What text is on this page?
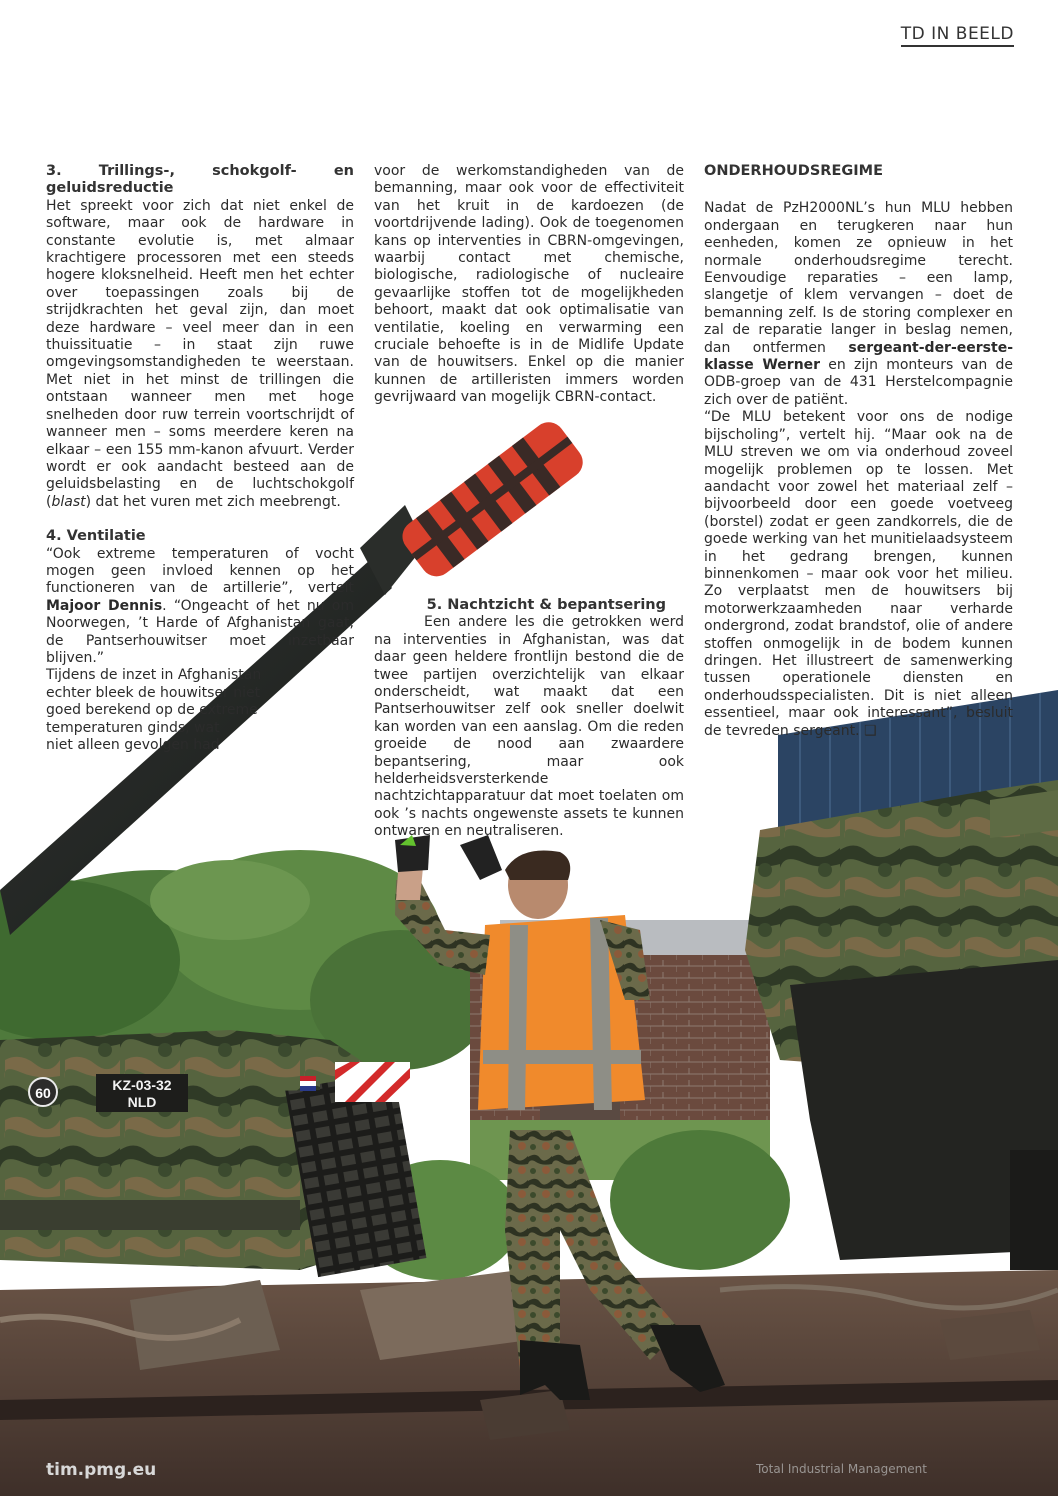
60	KZ-03-32
NLD
TD IN BEELD

3. Trillings-, schokgolf- en geluidsreductie

Het spreekt voor zich dat niet enkel de software, maar ook de hardware in constante evolutie is, met almaar krachtigere processoren met een steeds hogere kloksnelheid. Heeft men het echter over toepassingen zoals bij de strijdkrachten het geval zijn, dan moet deze hardware – veel meer dan in een thuissituatie – in staat zijn ruwe omgevingsomstandigheden te weerstaan. Met niet in het minst de trillingen die ontstaan wanneer men met hoge snelheden door ruw terrein voortschrijdt of wanneer men – soms meerdere keren na elkaar – een 155 mm-kanon afvuurt. Verder wordt er ook aandacht besteed aan de geluidsbelasting en de luchtschokgolf (blast) dat het vuren met zich meebrengt.

4. Ventilatie

“Ook extreme temperaturen of vocht mogen geen invloed kennen op het functioneren van de artillerie”, vertelt Majoor Dennis. “Ongeacht of het nu om Noorwegen, ’t Harde of Afghanistan gaat, de Pantserhouwitser moet inzetbaar blijven.”

Tijdens de inzet in Afghanistan
echter bleek de houwitser niet
goed berekend op de extreme
temperaturen ginds, wat
niet alleen gevolgen had

voor de werkomstandigheden van de bemanning, maar ook voor de effectiviteit van het kruit in de kardoezen (de voortdrijvende lading). Ook de toegenomen kans op interventies in CBRN-omgevingen, waarbij contact met chemische, biologische, radiologische of nucleaire gevaarlijke stoffen tot de mogelijkheden behoort, maakt dat ook optimalisatie van ventilatie, koeling en verwarming een cruciale behoefte is in de Midlife Update van de houwitsers. Enkel op die manier kunnen de artilleristen immers worden gevrijwaard van mogelijk CBRN-contact.

5. Nachtzicht & bepantsering

Een andere les die getrokken werd na interventies in Afghanistan, was dat daar geen heldere frontlijn bestond die de twee partijen overzichtelijk van elkaar onderscheidt, wat maakt dat een Pantserhouwitser zelf ook sneller doelwit kan worden van een aanslag. Om die reden groeide de nood aan zwaardere bepantsering, maar ook helderheidsversterkende nachtzichtapparatuur dat moet toelaten om ook ’s nachts ongewenste assets te kunnen ontwaren en neutraliseren.

ONDERHOUDSREGIME

Nadat de PzH2000NL’s hun MLU hebben ondergaan en terugkeren naar hun eenheden, komen ze opnieuw in het normale onderhoudsregime terecht. Eenvoudige reparaties – een lamp, slangetje of klem vervangen – doet de bemanning zelf. Is de storing complexer en zal de reparatie langer in beslag nemen, dan ontfermen sergeant-der-eerste-klasse Werner en zijn monteurs van de ODB-groep van de 431 Herstelcompagnie zich over de patiënt.

“De MLU betekent voor ons de nodige bijscholing”, vertelt hij. “Maar ook na de MLU streven we om via onderhoud zoveel mogelijk problemen op te lossen. Met aandacht voor zowel het materiaal zelf – bijvoorbeeld door een goede voetveeg (borstel) zodat er geen zandkorrels, die de goede werking van het munitielaadsysteem in het gedrang brengen, kunnen binnenkomen – maar ook voor het milieu. Zo verplaatst men de houwitsers bij motorwerkzaamheden naar verharde ondergrond, zodat brandstof, olie of andere stoffen onmogelijk in de bodem kunnen dringen. Het illustreert de samenwerking tussen operationele diensten en onderhoudsspecialisten. Dit is niet alleen essentieel, maar ook interessant”, besluit de tevreden sergeant. ❑

tim.pmg.eu	Total Industrial Management
